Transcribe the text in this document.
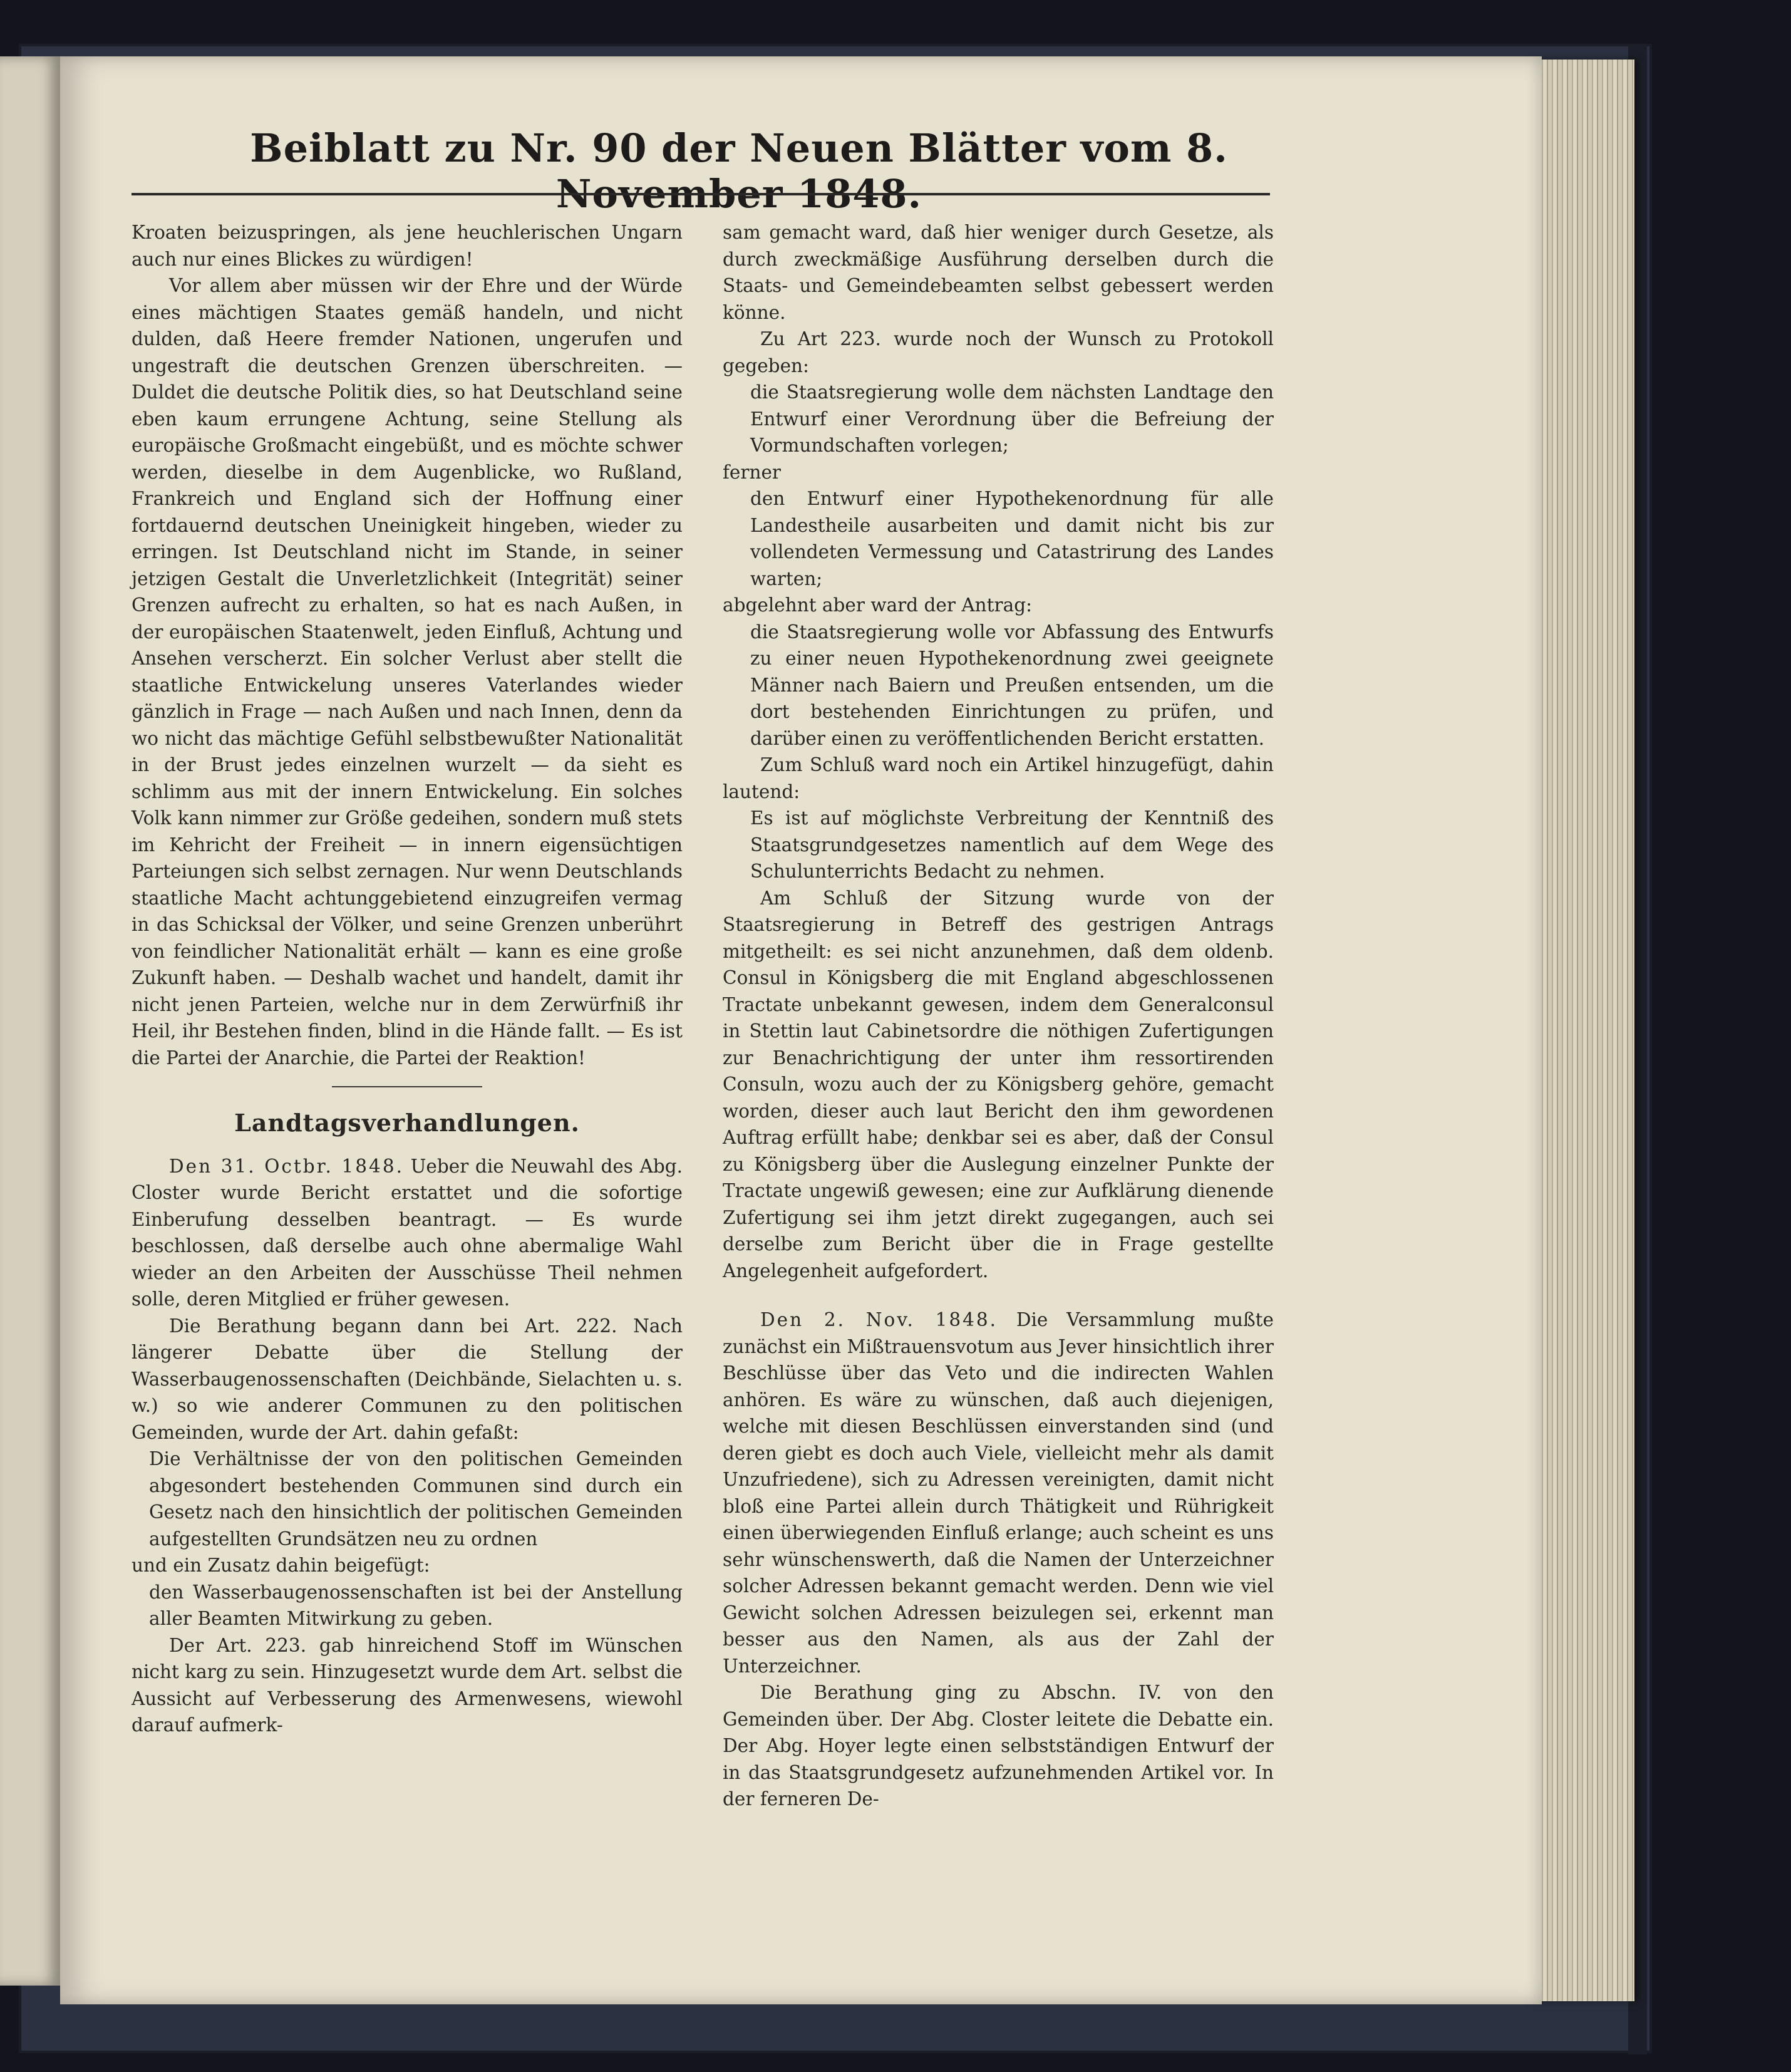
Beiblatt zu Nr. 90 der Neuen Blätter vom 8. November 1848.

Kroaten beizuspringen, als jene heuchlerischen Ungarn auch nur eines Blickes zu würdigen!

Vor allem aber müssen wir der Ehre und der Würde eines mächtigen Staates gemäß handeln, und nicht dulden, daß Heere fremder Nationen, ungerufen und ungestraft die deutschen Grenzen überschreiten. — Duldet die deutsche Politik dies, so hat Deutschland seine eben kaum errungene Achtung, seine Stellung als europäische Großmacht eingebüßt, und es möchte schwer werden, dieselbe in dem Augenblicke, wo Rußland, Frankreich und England sich der Hoffnung einer fortdauernd deutschen Uneinigkeit hingeben, wieder zu erringen. Ist Deutschland nicht im Stande, in seiner jetzigen Gestalt die Unverletzlichkeit (Integrität) seiner Grenzen aufrecht zu erhalten, so hat es nach Außen, in der europäischen Staatenwelt, jeden Einfluß, Achtung und Ansehen verscherzt. Ein solcher Verlust aber stellt die staatliche Entwickelung unseres Vaterlandes wieder gänzlich in Frage — nach Außen und nach Innen, denn da wo nicht das mächtige Gefühl selbstbewußter Nationalität in der Brust jedes einzelnen wurzelt — da sieht es schlimm aus mit der innern Entwickelung. Ein solches Volk kann nimmer zur Größe gedeihen, sondern muß stets im Kehricht der Freiheit — in innern eigensüchtigen Parteiungen sich selbst zernagen. Nur wenn Deutschlands staatliche Macht achtunggebietend einzugreifen vermag in das Schicksal der Völker, und seine Grenzen unberührt von feindlicher Nationalität erhält — kann es eine große Zukunft haben. — Deshalb wachet und handelt, damit ihr nicht jenen Parteien, welche nur in dem Zerwürfniß ihr Heil, ihr Bestehen finden, blind in die Hände fallt. — Es ist die Partei der Anarchie, die Partei der Reaktion!

Landtagsverhandlungen.

Den 31. Octbr. 1848. Ueber die Neuwahl des Abg. Closter wurde Bericht erstattet und die sofortige Einberufung desselben beantragt. — Es wurde beschlossen, daß derselbe auch ohne abermalige Wahl wieder an den Arbeiten der Ausschüsse Theil nehmen solle, deren Mitglied er früher gewesen.

Die Berathung begann dann bei Art. 222. Nach längerer Debatte über die Stellung der Wasserbaugenossenschaften (Deichbände, Sielachten u. s. w.) so wie anderer Communen zu den politischen Gemeinden, wurde der Art. dahin gefaßt:

Die Verhältnisse der von den politischen Gemeinden abgesondert bestehenden Communen sind durch ein Gesetz nach den hinsichtlich der politischen Gemeinden aufgestellten Grundsätzen neu zu ordnen

und ein Zusatz dahin beigefügt:

den Wasserbaugenossenschaften ist bei der Anstellung aller Beamten Mitwirkung zu geben.

Der Art. 223. gab hinreichend Stoff im Wünschen nicht karg zu sein. Hinzugesetzt wurde dem Art. selbst die Aussicht auf Verbesserung des Armenwesens, wiewohl darauf aufmerk-

sam gemacht ward, daß hier weniger durch Gesetze, als durch zweckmäßige Ausführung derselben durch die Staats- und Gemeindebeamten selbst gebessert werden könne.

Zu Art 223. wurde noch der Wunsch zu Protokoll gegeben:

die Staatsregierung wolle dem nächsten Landtage den Entwurf einer Verordnung über die Befreiung der Vormundschaften vorlegen;

ferner

den Entwurf einer Hypothekenordnung für alle Landestheile ausarbeiten und damit nicht bis zur vollendeten Vermessung und Catastrirung des Landes warten;

abgelehnt aber ward der Antrag:

die Staatsregierung wolle vor Abfassung des Entwurfs zu einer neuen Hypothekenordnung zwei geeignete Männer nach Baiern und Preußen entsenden, um die dort bestehenden Einrichtungen zu prüfen, und darüber einen zu veröffentlichenden Bericht erstatten.

Zum Schluß ward noch ein Artikel hinzugefügt, dahin lautend:

Es ist auf möglichste Verbreitung der Kenntniß des Staatsgrundgesetzes namentlich auf dem Wege des Schulunterrichts Bedacht zu nehmen.

Am Schluß der Sitzung wurde von der Staatsregierung in Betreff des gestrigen Antrags mitgetheilt: es sei nicht anzunehmen, daß dem oldenb. Consul in Königsberg die mit England abgeschlossenen Tractate unbekannt gewesen, indem dem Generalconsul in Stettin laut Cabinetsordre die nöthigen Zufertigungen zur Benachrichtigung der unter ihm ressortirenden Consuln, wozu auch der zu Königsberg gehöre, gemacht worden, dieser auch laut Bericht den ihm gewordenen Auftrag erfüllt habe; denkbar sei es aber, daß der Consul zu Königsberg über die Auslegung einzelner Punkte der Tractate ungewiß gewesen; eine zur Aufklärung dienende Zufertigung sei ihm jetzt direkt zugegangen, auch sei derselbe zum Bericht über die in Frage gestellte Angelegenheit aufgefordert.

Den 2. Nov. 1848. Die Versammlung mußte zunächst ein Mißtrauensvotum aus Jever hinsichtlich ihrer Beschlüsse über das Veto und die indirecten Wahlen anhören. Es wäre zu wünschen, daß auch diejenigen, welche mit diesen Beschlüssen einverstanden sind (und deren giebt es doch auch Viele, vielleicht mehr als damit Unzufriedene), sich zu Adressen vereinigten, damit nicht bloß eine Partei allein durch Thätigkeit und Rührigkeit einen überwiegenden Einfluß erlange; auch scheint es uns sehr wünschenswerth, daß die Namen der Unterzeichner solcher Adressen bekannt gemacht werden. Denn wie viel Gewicht solchen Adressen beizulegen sei, erkennt man besser aus den Namen, als aus der Zahl der Unterzeichner.

Die Berathung ging zu Abschn. IV. von den Gemeinden über. Der Abg. Closter leitete die Debatte ein. Der Abg. Hoyer legte einen selbstständigen Entwurf der in das Staatsgrundgesetz aufzunehmenden Artikel vor. In der ferneren De-
